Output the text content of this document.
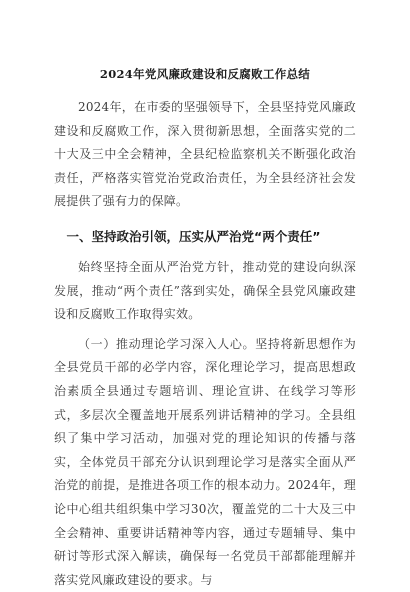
2024年党风廉政建设和反腐败工作总结

2024年，在市委的坚强领导下，全县坚持党风廉政建设和反腐败工作，深入贯彻新思想，全面落实党的二十大及三中全会精神，全县纪检监察机关不断强化政治责任，严格落实管党治党政治责任，为全县经济社会发展提供了强有力的保障。

一、坚持政治引领，压实从严治党“两个责任”

始终坚持全面从严治党方针，推动党的建设向纵深发展，推动“两个责任”落到实处，确保全县党风廉政建设和反腐败工作取得实效。

（一）推动理论学习深入人心。坚持将新思想作为全县党员干部的必学内容，深化理论学习，提高思想政治素质全县通过专题培训、理论宣讲、在线学习等形式，多层次全覆盖地开展系列讲话精神的学习。全县组织了集中学习活动，加强对党的理论知识的传播与落实，全体党员干部充分认识到理论学习是落实全面从严治党的前提，是推进各项工作的根本动力。2024年，理论中心组共组织集中学习30次，覆盖党的二十大及三中全会精神、重要讲话精神等内容，通过专题辅导、集中研讨等形式深入解读，确保每一名党员干部都能理解并落实党风廉政建设的要求。与
